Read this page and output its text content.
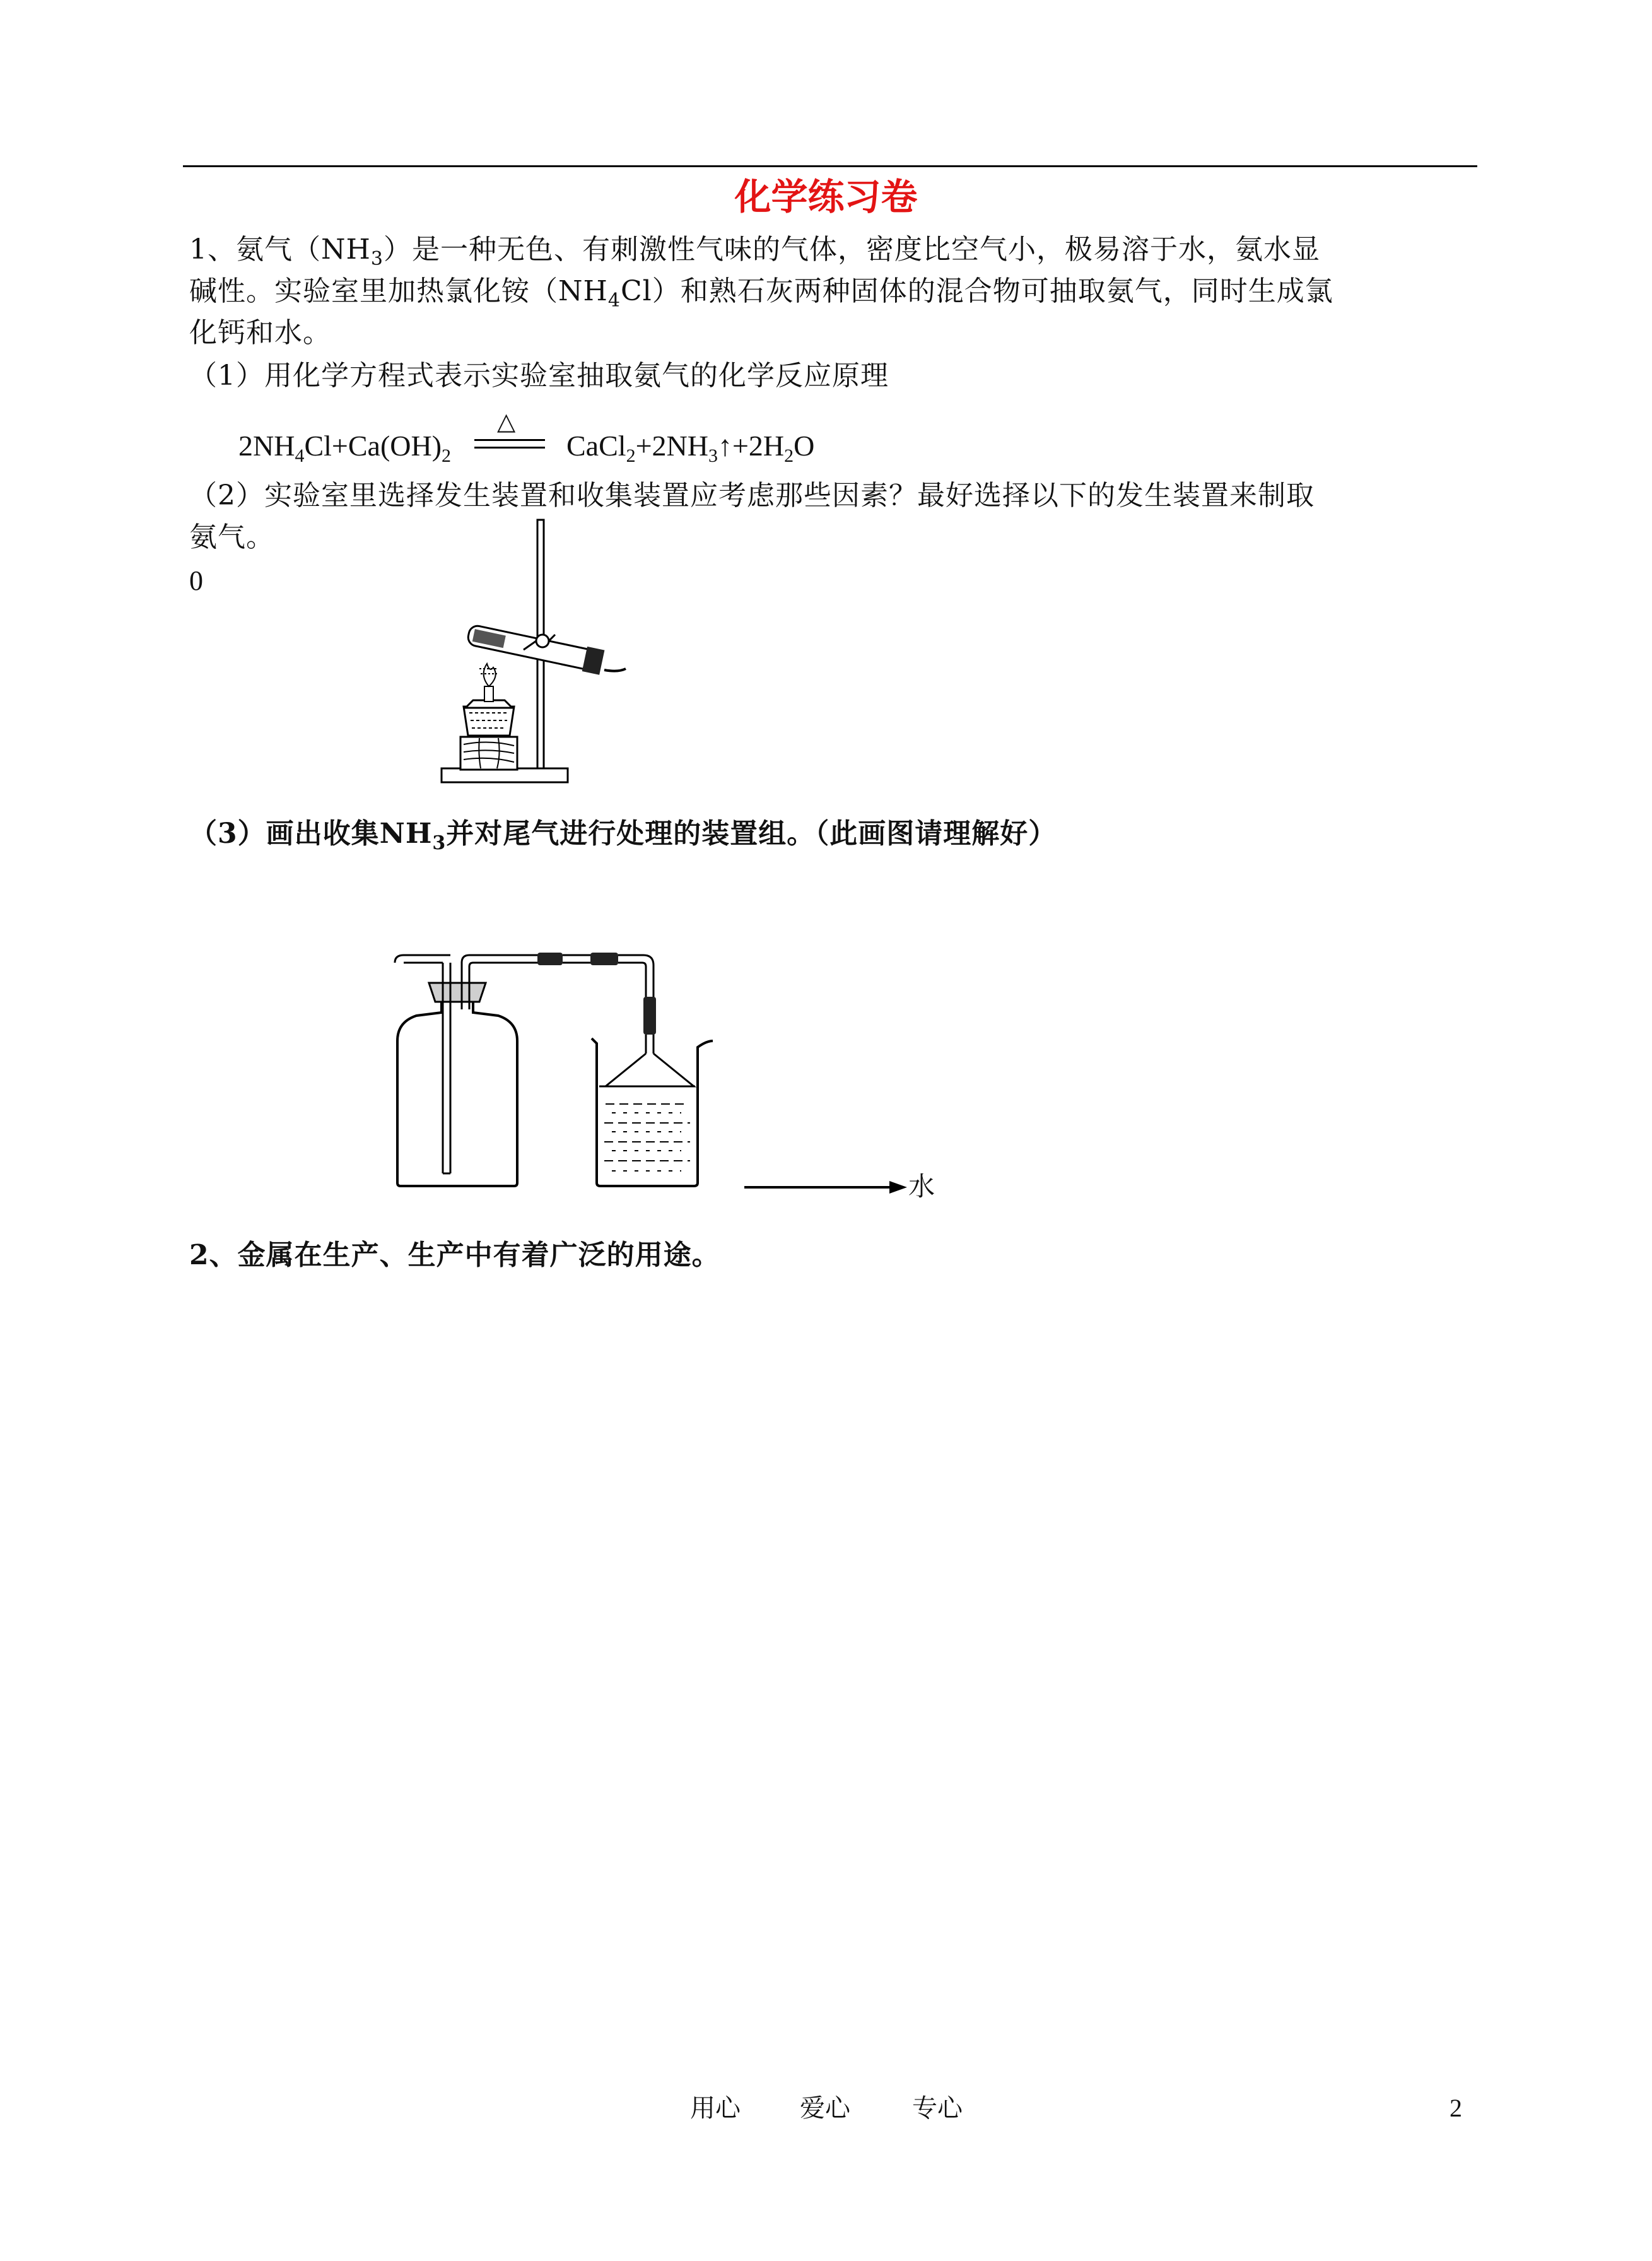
化学练习卷
1、氨气$(NH_3)$是一种无色、有刺激性气味的气体，密度比空气小，极易溶于水，氨水显
碱性。实验室里加热氯化铵$(NH_4Cl)$和熟石灰两种固体的混合物可抽取氨气，同时生成氯
化钙和水。
（1）用化学方程式表示实验室抽取氨气的化学反应原理
$2NH_4Cl+Ca(OH)_2$
△
$CaCl_2+2NH_3↑+2H_2O$
（2）实验室里选择发生装置和收集装置应考虑那些因素？最好选择以下的发生装置来制取
氨气。
0
（3）画出收集$NH_3$并对尾气进行处理的装置组。（此画图请理解好）
水
2、金属在生产、生产中有着广泛的用途。
用心 爱心 专心	2
